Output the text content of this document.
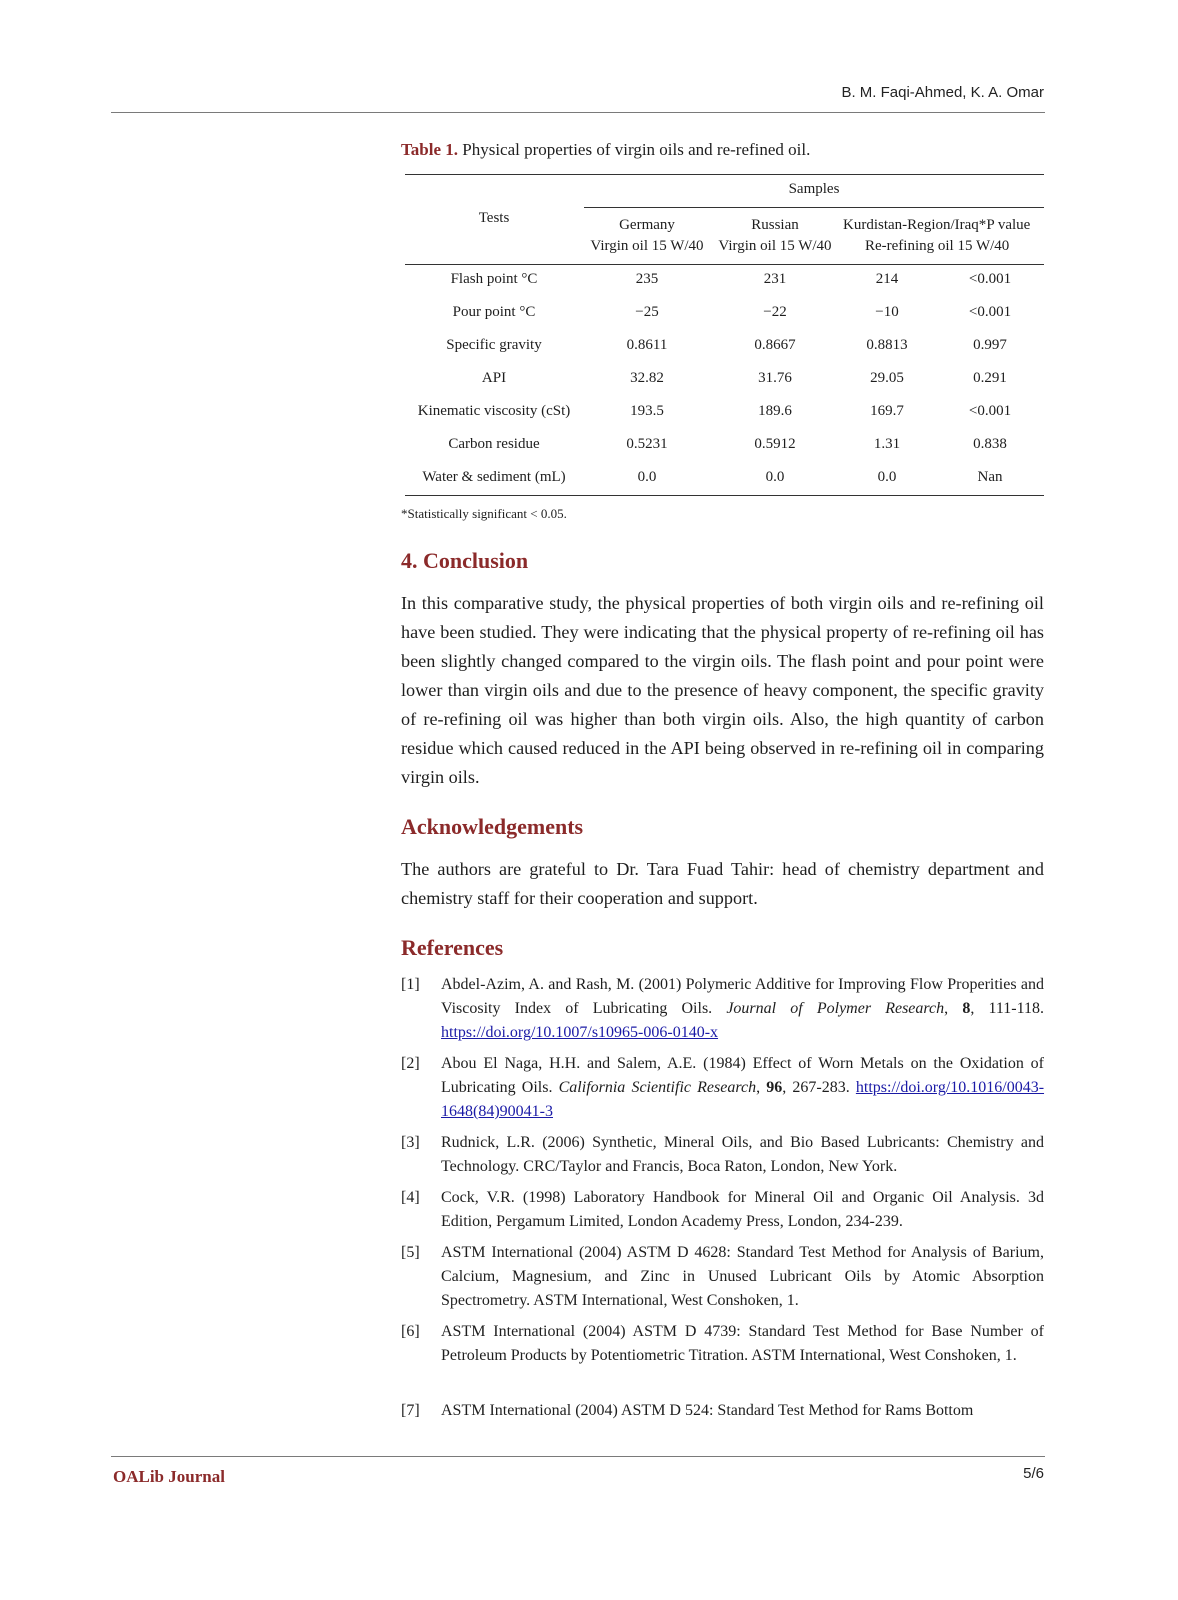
B. M. Faqi-Ahmed, K. A. Omar
Table 1. Physical properties of virgin oils and re-refined oil.
Tests
Samples
Germany
Virgin oil 15 W/40
Russian
Virgin oil 15 W/40
Kurdistan-Region/Iraq*P value
Re-refining oil 15 W/40
Flash point °C	235	231	214	<0.001
Pour point °C	−25	−22	−10	<0.001
Specific gravity	0.8611	0.8667	0.8813	0.997
API	32.82	31.76	29.05	0.291
Kinematic viscosity (cSt)	193.5	189.6	169.7	<0.001
Carbon residue	0.5231	0.5912	1.31	0.838
Water & sediment (mL)	0.0	0.0	0.0	Nan
*Statistically significant < 0.05.
4. Conclusion

In this comparative study, the physical properties of both virgin oils and re-refining oil have been studied. They were indicating that the physical property of re-refining oil has been slightly changed compared to the virgin oils. The flash point and pour point were lower than virgin oils and due to the presence of heavy component, the specific gravity of re-refining oil was higher than both virgin oils. Also, the high quantity of carbon residue which caused reduced in the API being observed in re-refining oil in comparing virgin oils.

Acknowledgements

The authors are grateful to Dr. Tara Fuad Tahir: head of chemistry department and chemistry staff for their cooperation and support.

References
[1] Abdel-Azim, A. and Rash, M. (2001) Polymeric Additive for Improving Flow Properities and Viscosity Index of Lubricating Oils. Journal of Polymer Research, 8, 111-118. https://doi.org/10.1007/s10965-006-0140-x
[2] Abou El Naga, H.H. and Salem, A.E. (1984) Effect of Worn Metals on the Oxidation of Lubricating Oils. California Scientific Research, 96, 267-283. https://doi.org/10.1016/0043-1648(84)90041-3
[3] Rudnick, L.R. (2006) Synthetic, Mineral Oils, and Bio Based Lubricants: Chemistry and Technology. CRC/Taylor and Francis, Boca Raton, London, New York.
[4] Cock, V.R. (1998) Laboratory Handbook for Mineral Oil and Organic Oil Analysis. 3d Edition, Pergamum Limited, London Academy Press, London, 234-239.
[5] ASTM International (2004) ASTM D 4628: Standard Test Method for Analysis of Barium, Calcium, Magnesium, and Zinc in Unused Lubricant Oils by Atomic Absorption Spectrometry. ASTM International, West Conshoken, 1.
[6] ASTM International (2004) ASTM D 4739: Standard Test Method for Base Number of Petroleum Products by Potentiometric Titration. ASTM International, West Conshoken, 1.
[7] ASTM International (2004) ASTM D 524: Standard Test Method for Rams Bottom
OALib Journal	5/6
